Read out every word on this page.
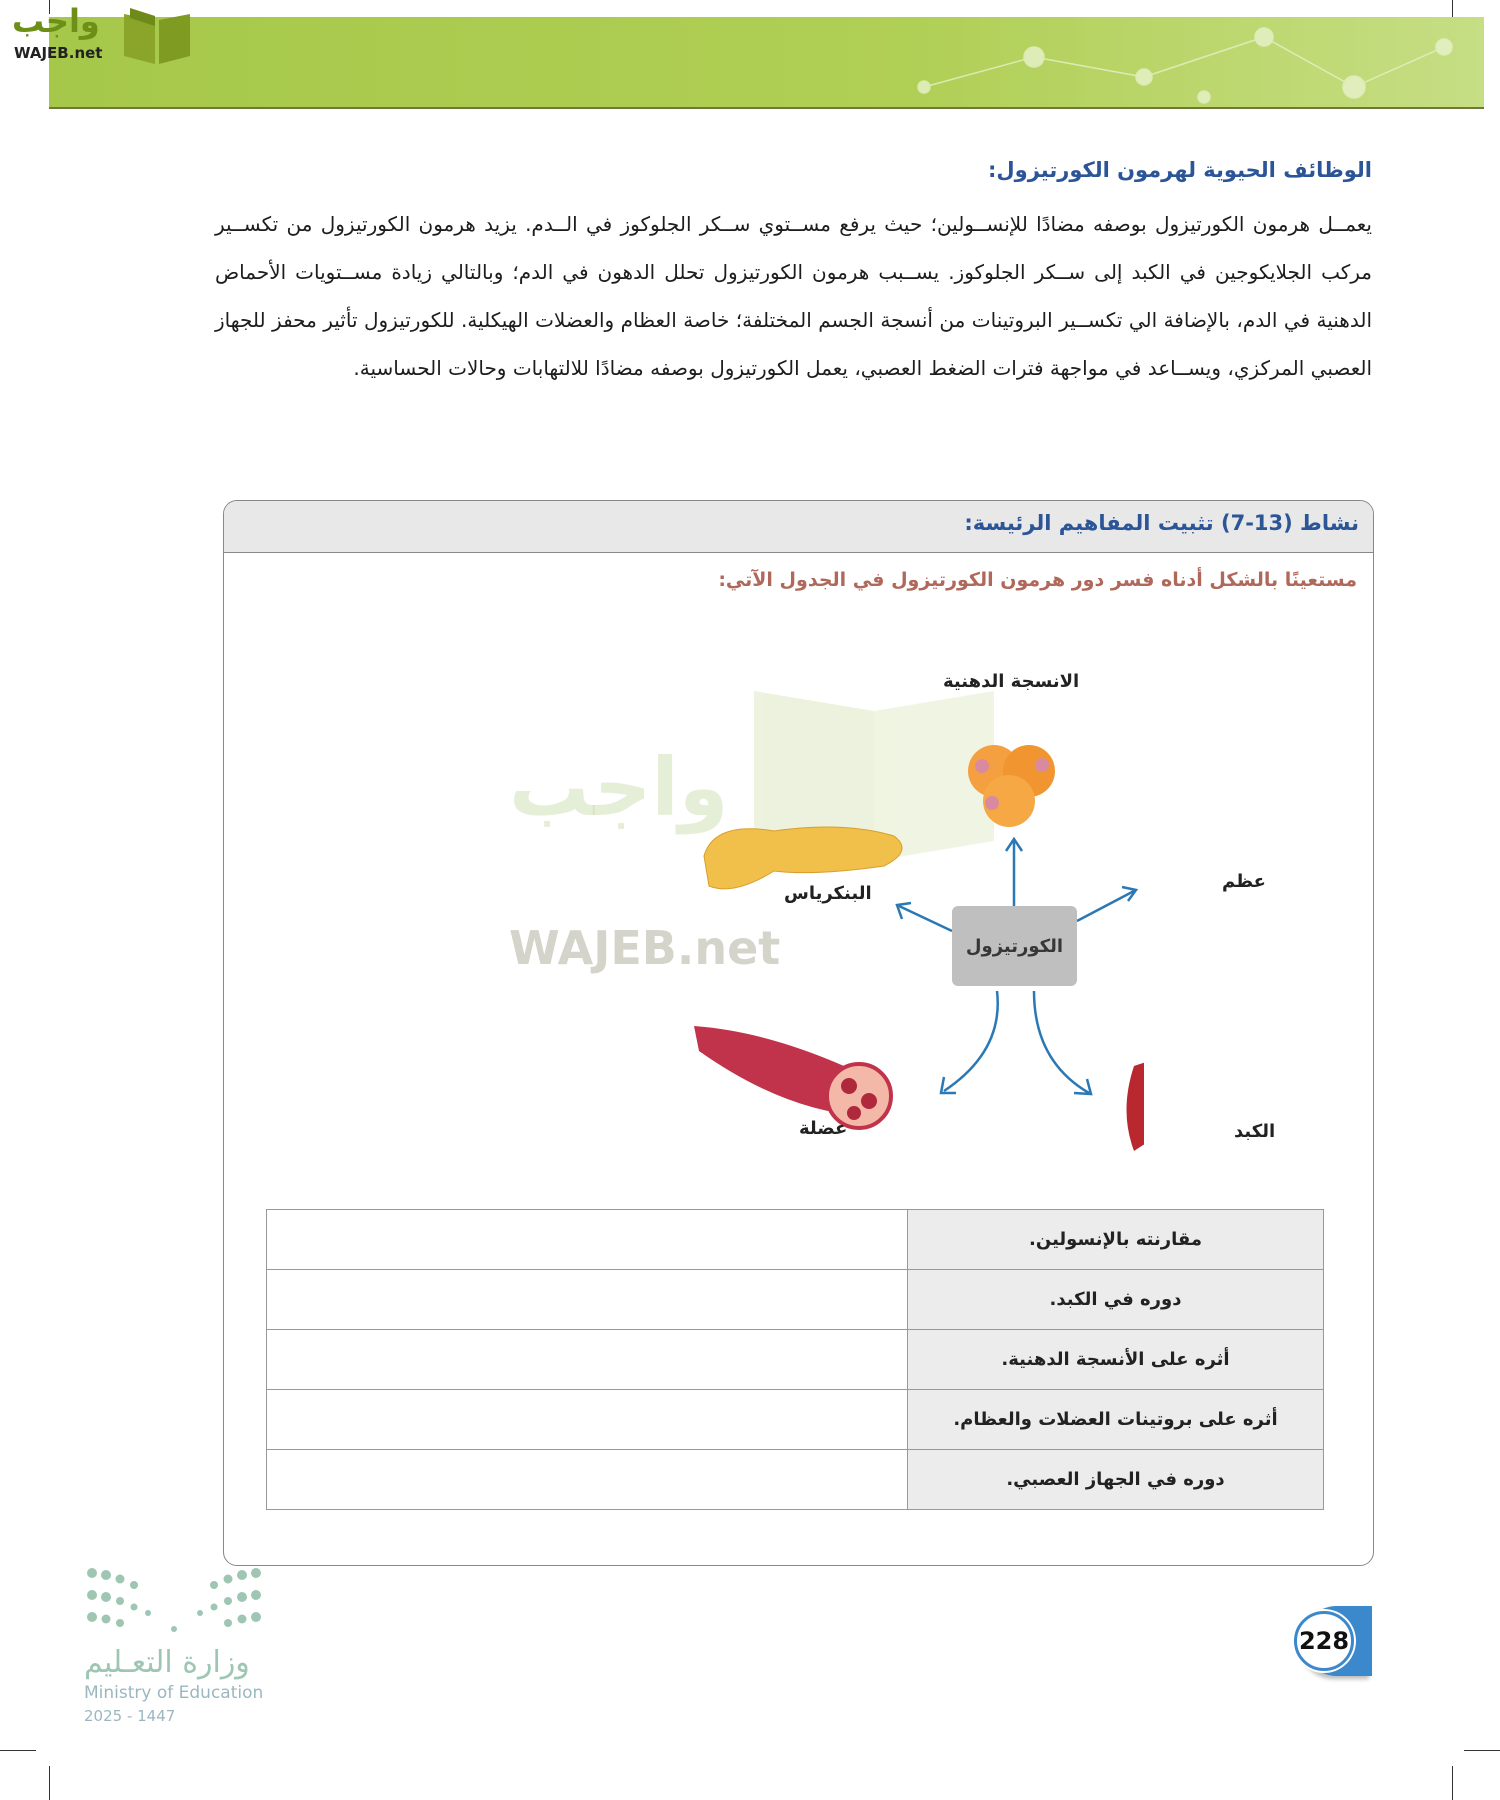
واجب
WAJEB.net
الوظائف الحيوية لهرمون الكورتيزول:

يعمــل هرمون الكورتيزول بوصفه مضادًا للإنســولين؛ حيث يرفع مســتوي ســكر الجلوكوز في الــدم. يزيد هرمون الكورتيزول من تكســير مركب الجلايكوجين في الكبد إلى ســكر الجلوكوز. يســبب هرمون الكورتيزول تحلل الدهون في الدم؛ وبالتالي زيادة مســتويات الأحماض الدهنية في الدم، بالإضافة الي تكســير البروتينات من أنسجة الجسم المختلفة؛ خاصة العظام والعضلات الهيكلية. للكورتيزول تأثير محفز للجهاز العصبي المركزي، ويســاعد في مواجهة فترات الضغط العصبي، يعمل الكورتيزول بوصفه مضادًا للالتهابات وحالات الحساسية.

نشاط (13-7) تثبيت المفاهيم الرئيسة:
مستعينًا بالشكل أدناه فسر دور هرمون الكورتيزول في الجدول الآتي:
واجب
WAJEB.net
الانسجة الدهنية
عظم
البنكرياس
عضلة	الكبد
الكورتيزول
	مقارنته بالإنسولين.
	دوره في الكبد.
	أثره على الأنسجة الدهنية.
	أثره على بروتينات العضلات والعظام.
	دوره في الجهاز العصبي.
وزارة التعـليم
Ministry of Education
2025 - 1447
228
